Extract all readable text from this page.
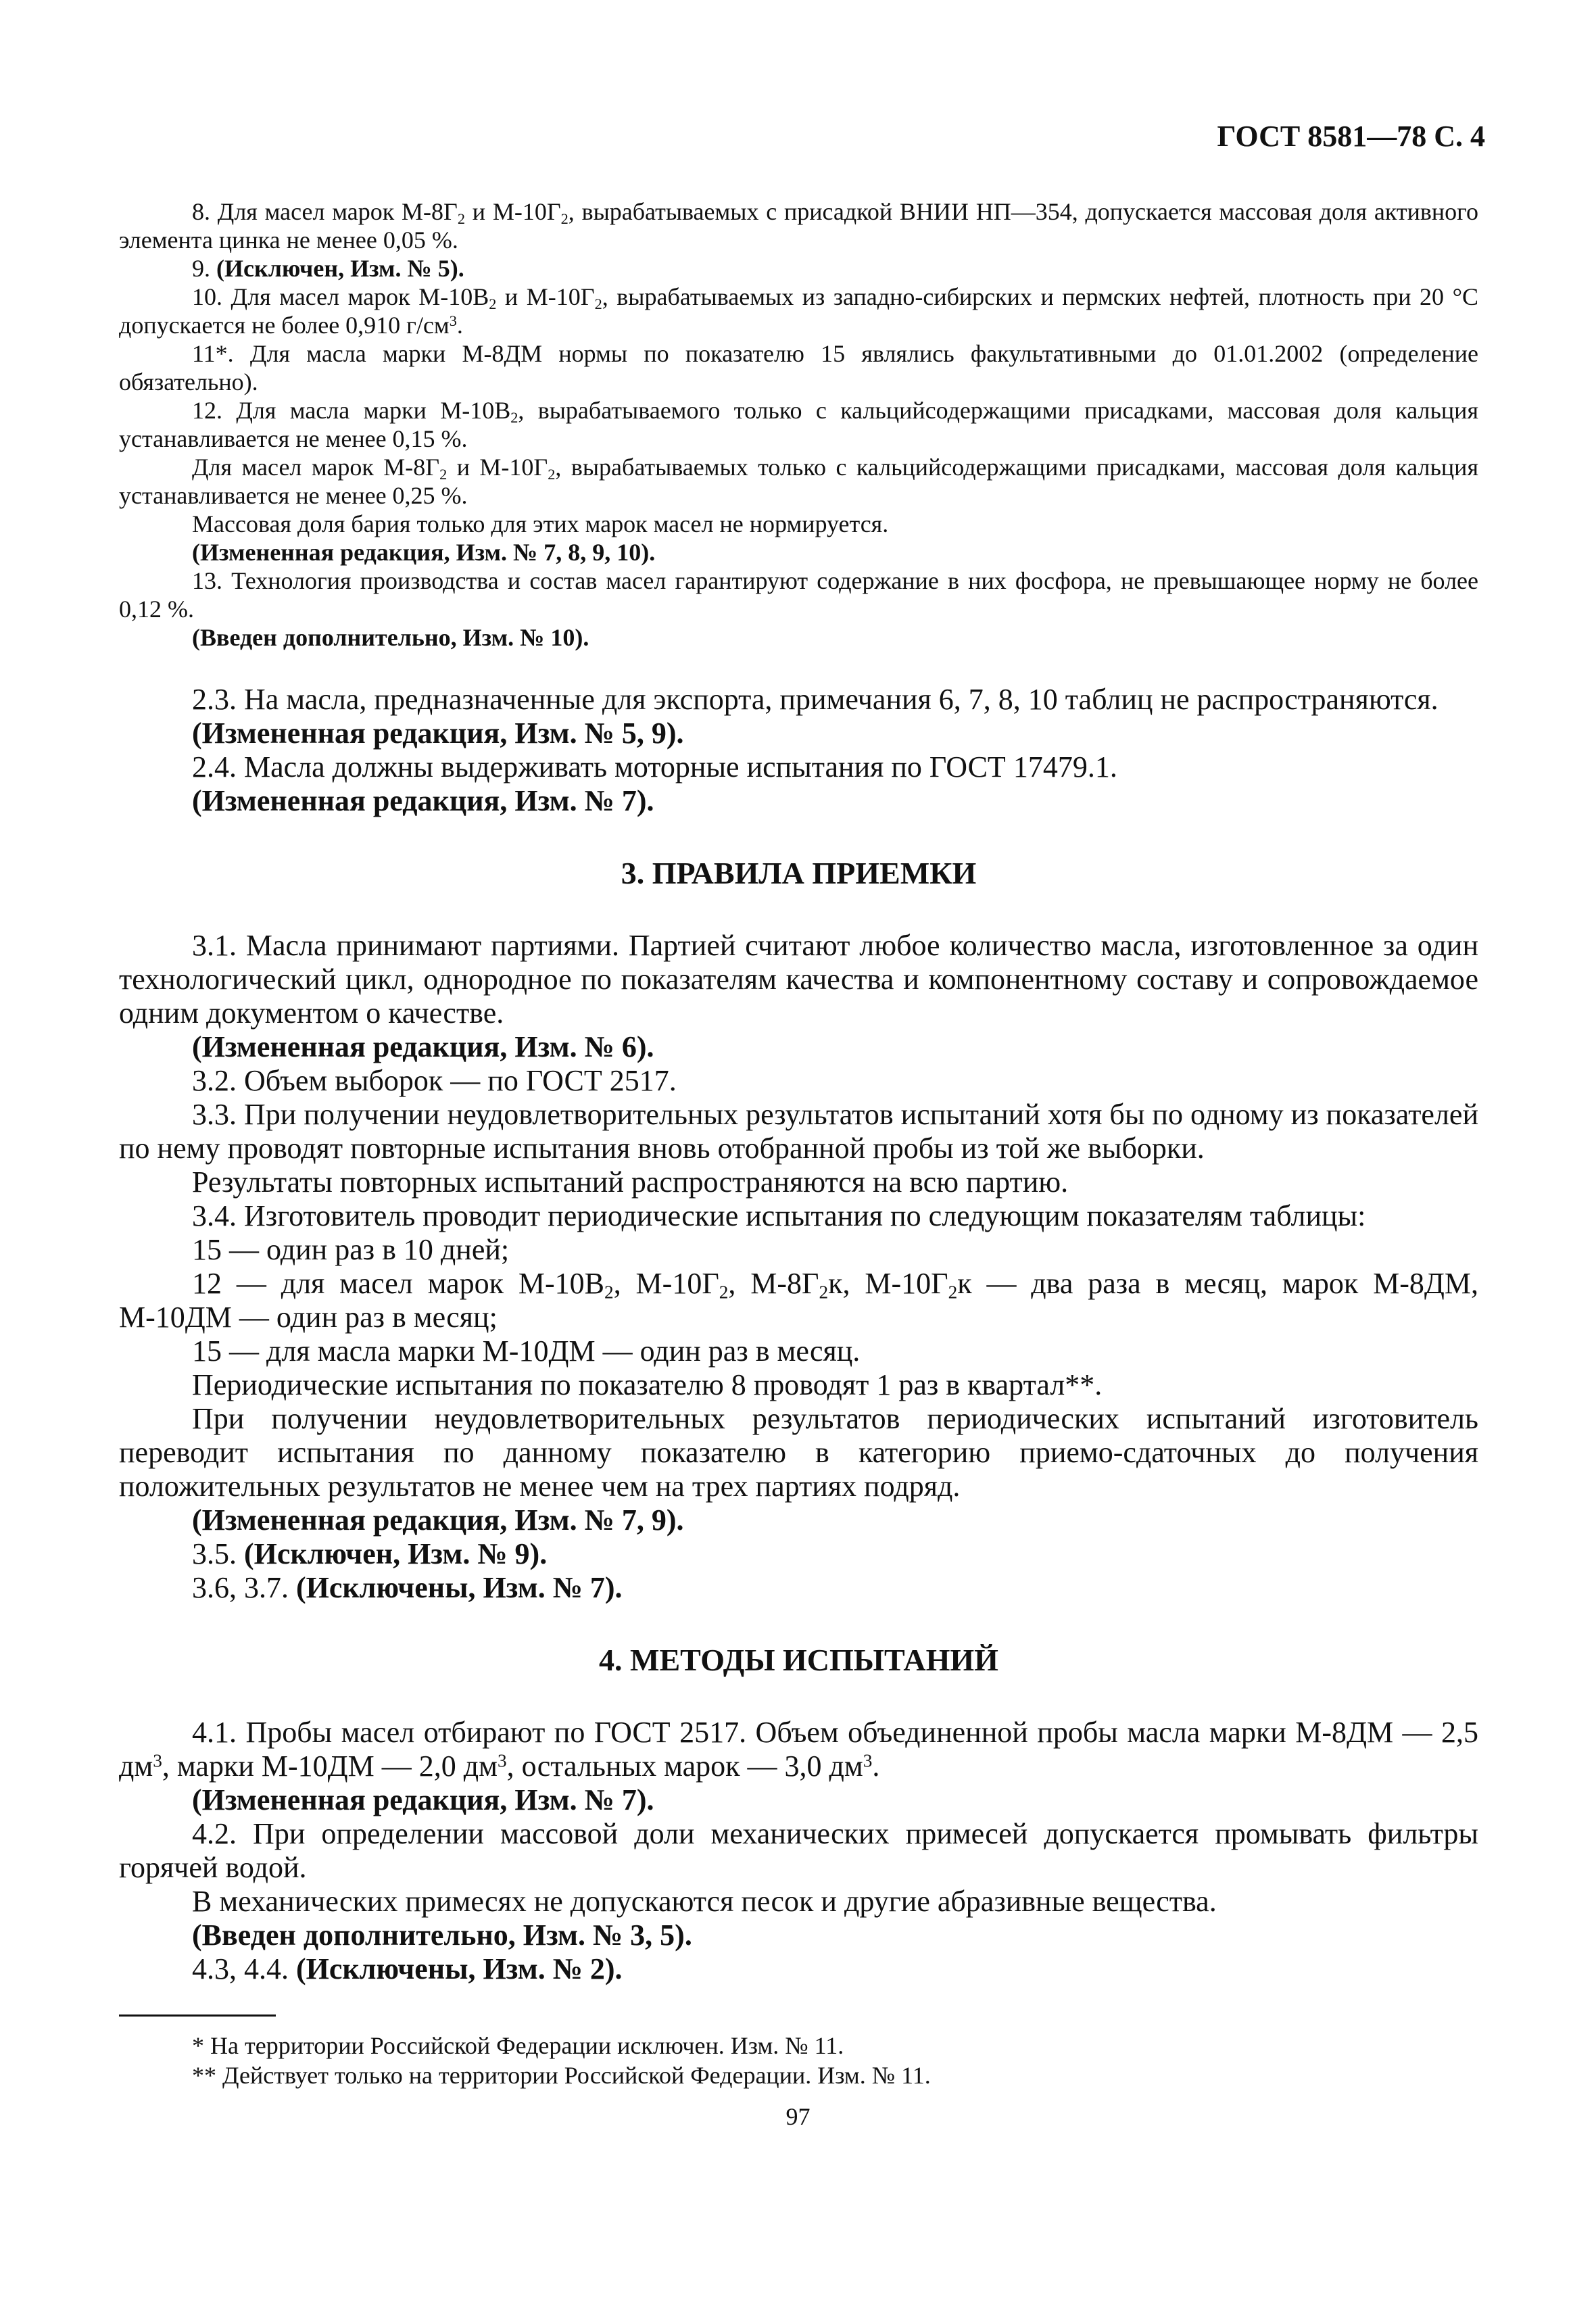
ГОСТ 8581—78 С. 4

8. Для масел марок $М-8Г_2$ и $М-10Г_2$, вырабатываемых с присадкой ВНИИ НП—354, допускается массовая доля активного элемента цинка не менее 0,05 %.

9. (Исключен, Изм. № 5).

10. Для масел марок $М-10В_2$ и $М-10Г_2$, вырабатываемых из западно-сибирских и пермских нефтей, плотность при 20 °С допускается не более 0,910 $г/см^3$.

11*. Для масла марки М-8ДМ нормы по показателю 15 являлись факультативными до 01.01.2002 (определение обязательно).

12. Для масла марки $М-10В_2$, вырабатываемого только с кальцийсодержащими присадками, массовая доля кальция устанавливается не менее 0,15 %.

Для масел марок $М-8Г_2$ и $М-10Г_2$, вырабатываемых только с кальцийсодержащими присадками, массовая доля кальция устанавливается не менее 0,25 %.

Массовая доля бария только для этих марок масел не нормируется.

(Измененная редакция, Изм. № 7, 8, 9, 10).

13. Технология производства и состав масел гарантируют содержание в них фосфора, не превышающее норму не более 0,12 %.

(Введен дополнительно, Изм. № 10).

2.3. На масла, предназначенные для экспорта, примечания 6, 7, 8, 10 таблиц не распространяются.

(Измененная редакция, Изм. № 5, 9).

2.4. Масла должны выдерживать моторные испытания по ГОСТ 17479.1.

(Измененная редакция, Изм. № 7).

3. ПРАВИЛА ПРИЕМКИ

3.1. Масла принимают партиями. Партией считают любое количество масла, изготовленное за один технологический цикл, однородное по показателям качества и компонентному составу и сопровождаемое одним документом о качестве.

(Измененная редакция, Изм. № 6).

3.2. Объем выборок — по ГОСТ 2517.

3.3. При получении неудовлетворительных результатов испытаний хотя бы по одному из показателей по нему проводят повторные испытания вновь отобранной пробы из той же выборки.

Результаты повторных испытаний распространяются на всю партию.

3.4. Изготовитель проводит периодические испытания по следующим показателям таблицы:

15 — один раз в 10 дней;

12 — для масел марок $М-10В_2$, $М-10Г_2$, $М-8Г_2к$, $М-10Г_2к$ — два раза в месяц, марок М-8ДМ, М-10ДМ — один раз в месяц;

15 — для масла марки М-10ДМ — один раз в месяц.

Периодические испытания по показателю 8 проводят 1 раз в квартал**.

При получении неудовлетворительных результатов периодических испытаний изготовитель переводит испытания по данному показателю в категорию приемо-сдаточных до получения положительных результатов не менее чем на трех партиях подряд.

(Измененная редакция, Изм. № 7, 9).

3.5. (Исключен, Изм. № 9).

3.6, 3.7. (Исключены, Изм. № 7).

4. МЕТОДЫ ИСПЫТАНИЙ

4.1. Пробы масел отбирают по ГОСТ 2517. Объем объединенной пробы масла марки М-8ДМ — 2,5 $дм^3$, марки М-10ДМ — 2,0 $дм^3$, остальных марок — 3,0 $дм^3$.

(Измененная редакция, Изм. № 7).

4.2. При определении массовой доли механических примесей допускается промывать фильтры горячей водой.

В механических примесях не допускаются песок и другие абразивные вещества.

(Введен дополнительно, Изм. № 3, 5).

4.3, 4.4. (Исключены, Изм. № 2).

* На территории Российской Федерации исключен. Изм. № 11.

** Действует только на территории Российской Федерации. Изм. № 11.

97
